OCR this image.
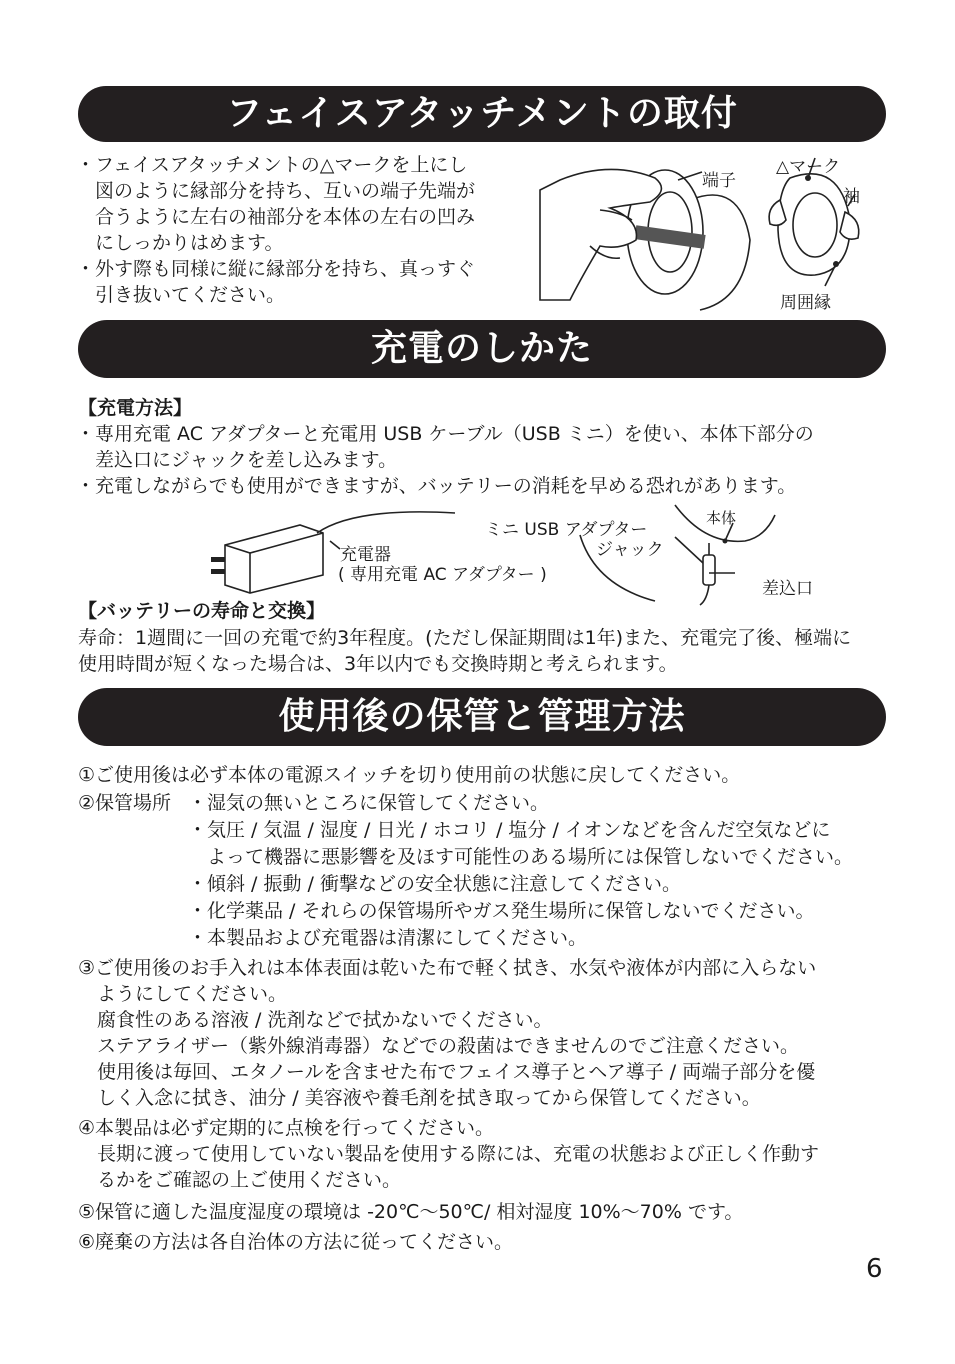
フェイスアタッチメントの取付
・フェイスアタッチメントの△マークを上にし
　図のように縁部分を持ち、互いの端子先端が
　合うように左右の袖部分を本体の左右の凹み
　にしっかりはめます。
・外す際も同様に縦に縁部分を持ち、真っすぐ
　引き抜いてください。
端子
△マーク
袖
周囲縁
充電のしかた
【充電方法】
・専用充電 AC アダプターと充電用 USB ケーブル（USB ミニ）を使い、本体下部分の
　差込口にジャックを差し込みます。
・充電しながらでも使用ができますが、バッテリーの消耗を早める恐れがあります。
充電器
( 専用充電 AC アダプター )
ミニ USB アダプター
ジャック
本体
差込口
【バッテリーの寿命と交換】
寿命：1週間に一回の充電で約3年程度。(ただし保証期間は1年)また、充電完了後、極端に
使用時間が短くなった場合は、3年以内でも交換時期と考えられます。
使用後の保管と管理方法
①ご使用後は必ず本体の電源スイッチを切り使用前の状態に戻してください。
②保管場所 ・湿気の無いところに保管してください。
・気圧 / 気温 / 湿度 / 日光 / ホコリ / 塩分 / イオンなどを含んだ空気などに
　よって機器に悪影響を及ほす可能性のある場所には保管しないでください。
・傾斜 / 振動 / 衝撃などの安全状態に注意してください。
・化学薬品 / それらの保管場所やガス発生場所に保管しないでください。
・本製品および充電器は清潔にしてください。
③ご使用後のお手入れは本体表面は乾いた布で軽く拭き、水気や液体が内部に入らない
　ようにしてください。
　腐食性のある溶液 / 洗剤などで拭かないでください。
　ステアライザー（紫外線消毒器）などでの殺菌はできませんのでご注意ください。
　使用後は毎回、エタノールを含ませた布でフェイス導子とヘア導子 / 両端子部分を優
　しく入念に拭き、油分 / 美容液や養毛剤を拭き取ってから保管してください。
④本製品は必ず定期的に点検を行ってください。
　長期に渡って使用していない製品を使用する際には、充電の状態および正しく作動す
　るかをご確認の上ご使用ください。
⑤保管に適した温度湿度の環境は -20℃～50℃/ 相対湿度 10%～70% です。
⑥廃棄の方法は各自治体の方法に従ってください。
6
